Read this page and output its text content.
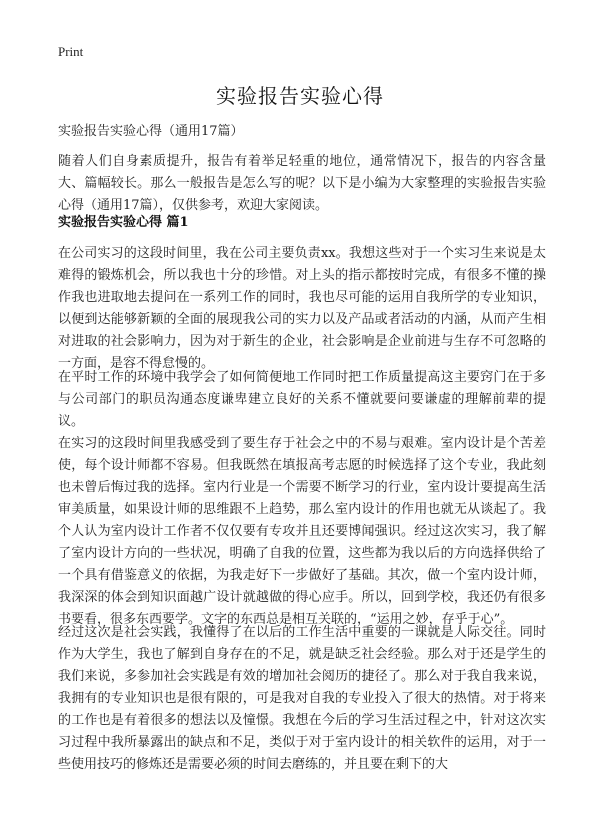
Print
实验报告实验心得
实验报告实验心得（通用17篇）

随着人们自身素质提升，报告有着举足轻重的地位，通常情况下，报告的内容含量大、篇幅较长。那么一般报告是怎么写的呢？以下是小编为大家整理的实验报告实验心得（通用17篇），仅供参考，欢迎大家阅读。

实验报告实验心得 篇1

在公司实习的这段时间里，我在公司主要负责xx。我想这些对于一个实习生来说是太难得的锻炼机会，所以我也十分的珍惜。对上头的指示都按时完成，有很多不懂的操作我也进取地去提问在一系列工作的同时，我也尽可能的运用自我所学的专业知识，以便到达能够新颖的全面的展现我公司的实力以及产品或者活动的内涵，从而产生相对进取的社会影响力，因为对于新生的企业，社会影响是企业前进与生存不可忽略的一方面，是容不得怠慢的。

在平时工作的环境中我学会了如何简便地工作同时把工作质量提高这主要窍门在于多与公司部门的职员沟通态度谦卑建立良好的关系不懂就要问要谦虚的理解前辈的提议。

在实习的这段时间里我感受到了要生存于社会之中的不易与艰难。室内设计是个苦差使，每个设计师都不容易。但我既然在填报高考志愿的时候选择了这个专业，我此刻也未曾后悔过我的选择。室内行业是一个需要不断学习的行业，室内设计要提高生活审美质量，如果设计师的思维跟不上趋势，那么室内设计的作用也就无从谈起了。我个人认为室内设计工作者不仅仅要有专攻并且还要博闻强识。经过这次实习，我了解了室内设计方向的一些状况，明确了自我的位置，这些都为我以后的方向选择供给了一个具有借鉴意义的依据，为我走好下一步做好了基础。其次，做一个室内设计师，我深深的体会到知识面越广设计就越做的得心应手。所以，回到学校，我还仍有很多书要看，很多东西要学。文字的东西总是相互关联的，“运用之妙，存乎于心”。

经过这次是社会实践，我懂得了在以后的工作生活中重要的一课就是人际交往。同时作为大学生，我也了解到自身存在的不足，就是缺乏社会经验。那么对于还是学生的我们来说，多参加社会实践是有效的增加社会阅历的捷径了。那么对于我自我来说，我拥有的专业知识也是很有限的，可是我对自我的专业投入了很大的热情。对于将来的工作也是有着很多的想法以及憧憬。我想在今后的学习生活过程之中，针对这次实习过程中我所暴露出的缺点和不足，类似于对于室内设计的相关软件的运用，对于一些使用技巧的修炼还是需要必须的时间去磨练的，并且要在剩下的大
